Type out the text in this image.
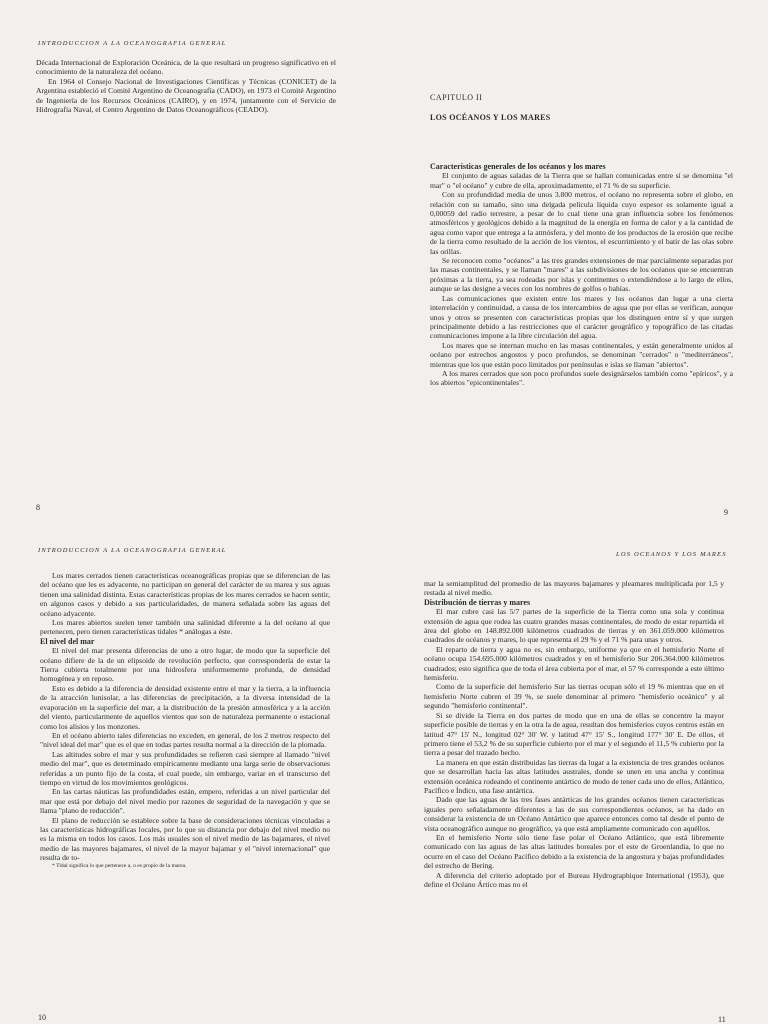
INTRODUCCION A LA OCEANOGRAFIA GENERAL

Década Internacional de Exploración Oceánica, de la que resultará un progreso significativo en el conocimiento de la naturaleza del océano.

En 1964 el Consejo Nacional de Investigaciones Científicas y Técnicas (CONICET) de la Argentina estableció el Comité Argentino de Oceanografía (CADO), en 1973 el Comité Argentino de Ingeniería de los Recursos Oceánicos (CAIRO), y en 1974, juntamente con el Servicio de Hidrografía Naval, el Centro Argentino de Datos Oceanográficos (CEADO).

8
CAPITULO II
LOS OCÉANOS Y LOS MARES

Características generales de los océanos y los mares

El conjunto de aguas saladas de la Tierra que se hallan comunicadas entre sí se denomina "el mar" o "el océano" y cubre de ella, aproximadamente, el 71 % de su superficie.

Con su profundidad media de unos 3.800 metros, el océano no representa sobre el globo, en relación con su tamaño, sino una delgada película líquida cuyo espesor es solamente igual a 0,00059 del radio terrestre, a pesar de lo cual tiene una gran influencia sobre los fenómenos atmosféricos y geológicos debido a la magnitud de la energía en forma de calor y a la cantidad de agua como vapor que entrega a la atmósfera, y del monto de los productos de la erosión que recibe de la tierra como resultado de la acción de los vientos, el escurrimiento y el batir de las olas sobre las orillas.

Se reconocen como "océanos" a las tres grandes extensiones de mar parcialmente separadas por las masas continentales, y se llaman "mares" a las subdivisiones de los océanos que se encuentran próximas a la tierra, ya sea rodeadas por islas y continentes o extendiéndose a lo largo de ellos, aunque se las designe a veces con los nombres de golfos o bahías.

Las comunicaciones que existen entre los mares y los océanos dan lugar a una cierta interrelación y continuidad, a causa de los intercambios de agua que por ellas se verifican, aunque unos y otros se presenten con características propias que los distinguen entre sí y que surgen principalmente debido a las restricciones que el carácter geográfico y topográfico de las citadas comunicaciones impone a la libre circulación del agua.

Los mares que se internan mucho en las masas continentales, y están generalmente unidos al océano por estrechos angostos y poco profundos, se denominan "cerrados" o "mediterráneos", mientras que los que están poco limitados por penínsulas e islas se llaman "abiertos".

A los mares cerrados que son poco profundos suele designárselos también como "epíricos", y a los abiertos "epicontinentales".

9
INTRODUCCION A LA OCEANOGRAFIA GENERAL

Los mares cerrados tienen características oceanográficas propias que se diferencian de las del océano que les es adyacente, no participan en general del carácter de su marea y sus aguas tienen una salinidad distinta. Estas características propias de los mares cerrados se hacen sentir, en algunos casos y debido a sus particularidades, de manera señalada sobre las aguas del océano adyacente.

Los mares abiertos suelen tener también una salinidad diferente a la del océano al que pertenecen, pero tienen características tidales * análogas a éste.

El nivel del mar

El nivel del mar presenta diferencias de uno a otro lugar, de modo que la superficie del océano difiere de la de un elipsoide de revolución perfecto, que correspondería de estar la Tierra cubierta totalmente por una hidrosfera uniformemente profunda, de densidad homogénea y en reposo.

Esto es debido a la diferencia de densidad existente entre el mar y la tierra, a la influencia de la atracción lunisolar, a las diferencias de precipitación, a la diversa intensidad de la evaporación en la superficie del mar, a la distribución de la presión atmosférica y a la acción del viento, particularmente de aquellos vientos que son de naturaleza permanente o estacional como los alisios y los monzones.

En el océano abierto tales diferencias no exceden, en general, de los 2 metros respecto del "nivel ideal del mar" que es el que en todas partes resulta normal a la dirección de la plomada.

Las altitudes sobre el mar y sus profundidades se refieren casi siempre al llamado "nivel medio del mar", que es determinado empíricamente mediante una larga serie de observaciones referidas a un punto fijo de la costa, el cual puede, sin embargo, variar en el transcurso del tiempo en virtud de los movimientos geológicos.

En las cartas náuticas las profundidades están, empero, referidas a un nivel particular del mar que está por debajo del nivel medio por razones de seguridad de la navegación y que se llama "plano de reducción".

El plano de reducción se establece sobre la base de consideraciones técnicas vinculadas a las características hidrográficas locales, por lo que su distancia por debajo del nivel medio no es la misma en todos los casos. Los más usuales son el nivel medio de las bajamares, el nivel medio de las mayores bajamares, el nivel de la mayor bajamar y el "nivel internacional" que resulta de to-

* Tidal significa lo que pertenece a, o es propio de la marea.

10
LOS OCEANOS Y LOS MARES

mar la semiamplitud del promedio de las mayores bajamares y pleamares multiplicada por 1,5 y restada al nivel medio.

Distribución de tierras y mares

El mar cubre casi las 5/7 partes de la superficie de la Tierra como una sola y continua extensión de agua que rodea las cuatro grandes masas continentales, de modo de estar repartida el área del globo en 148.892.000 kilómetros cuadrados de tierras y en 361.059.000 kilómetros cuadrados de océanos y mares, lo que representa el 29 % y el 71 % para unas y otros.

El reparto de tierra y agua no es, sin embargo, uniforme ya que en el hemisferio Norte el océano ocupa 154.695.000 kilómetros cuadrados y en el hemisferio Sur 206.364.000 kilómetros cuadrados; esto significa que de toda el área cubierta por el mar, el 57 % corresponde a este último hemisferio.

Como de la superficie del hemisferio Sur las tierras ocupan sólo el 19 % mientras que en el hemisferio Norte cubren el 39 %, se suele denominar al primero "hemisferio oceánico" y al segundo "hemisferio continental".

Si se divide la Tierra en dos partes de modo que en una de ellas se concentre la mayor superficie posible de tierras y en la otra la de agua, resultan dos hemisferios cuyos centros están en latitud 47° 15' N., longitud 02° 30' W. y latitud 47° 15' S., longitud 177° 30' E. De ellos, el primero tiene el 53,2 % de su superficie cubierto por el mar y el segundo el 11,5 % cubierto por la tierra a pesar del trazado hecho.

La manera en que están distribuidas las tierras da lugar a la existencia de tres grandes océanos que se desarrollan hacia las altas latitudes australes, donde se unen en una ancha y continua extensión oceánica rodeando el continente antártico de modo de tener cada uno de ellos, Atlántico, Pacífico e Índico, una fase antártica.

Dado que las aguas de las tres fases antárticas de los grandes océanos tienen características iguales pero señaladamente diferentes a las de sus correspondientes océanos, se ha dado en considerar la existencia de un Océano Antártico que aparece entonces como tal desde el punto de vista oceanográfico aunque no geográfico, ya que está ampliamente comunicado con aquéllos.

En el hemisferio Norte sólo tiene fase polar el Océano Atlántico, que está libremente comunicado con las aguas de las altas latitudes boreales por el este de Groenlandia, lo que no ocurre en el caso del Océano Pacífico debido a la existencia de la angostura y bajas profundidades del estrecho de Bering.

A diferencia del criterio adoptado por el Bureau Hydrographique International (1953), que define el Océano Ártico mas no el

11
